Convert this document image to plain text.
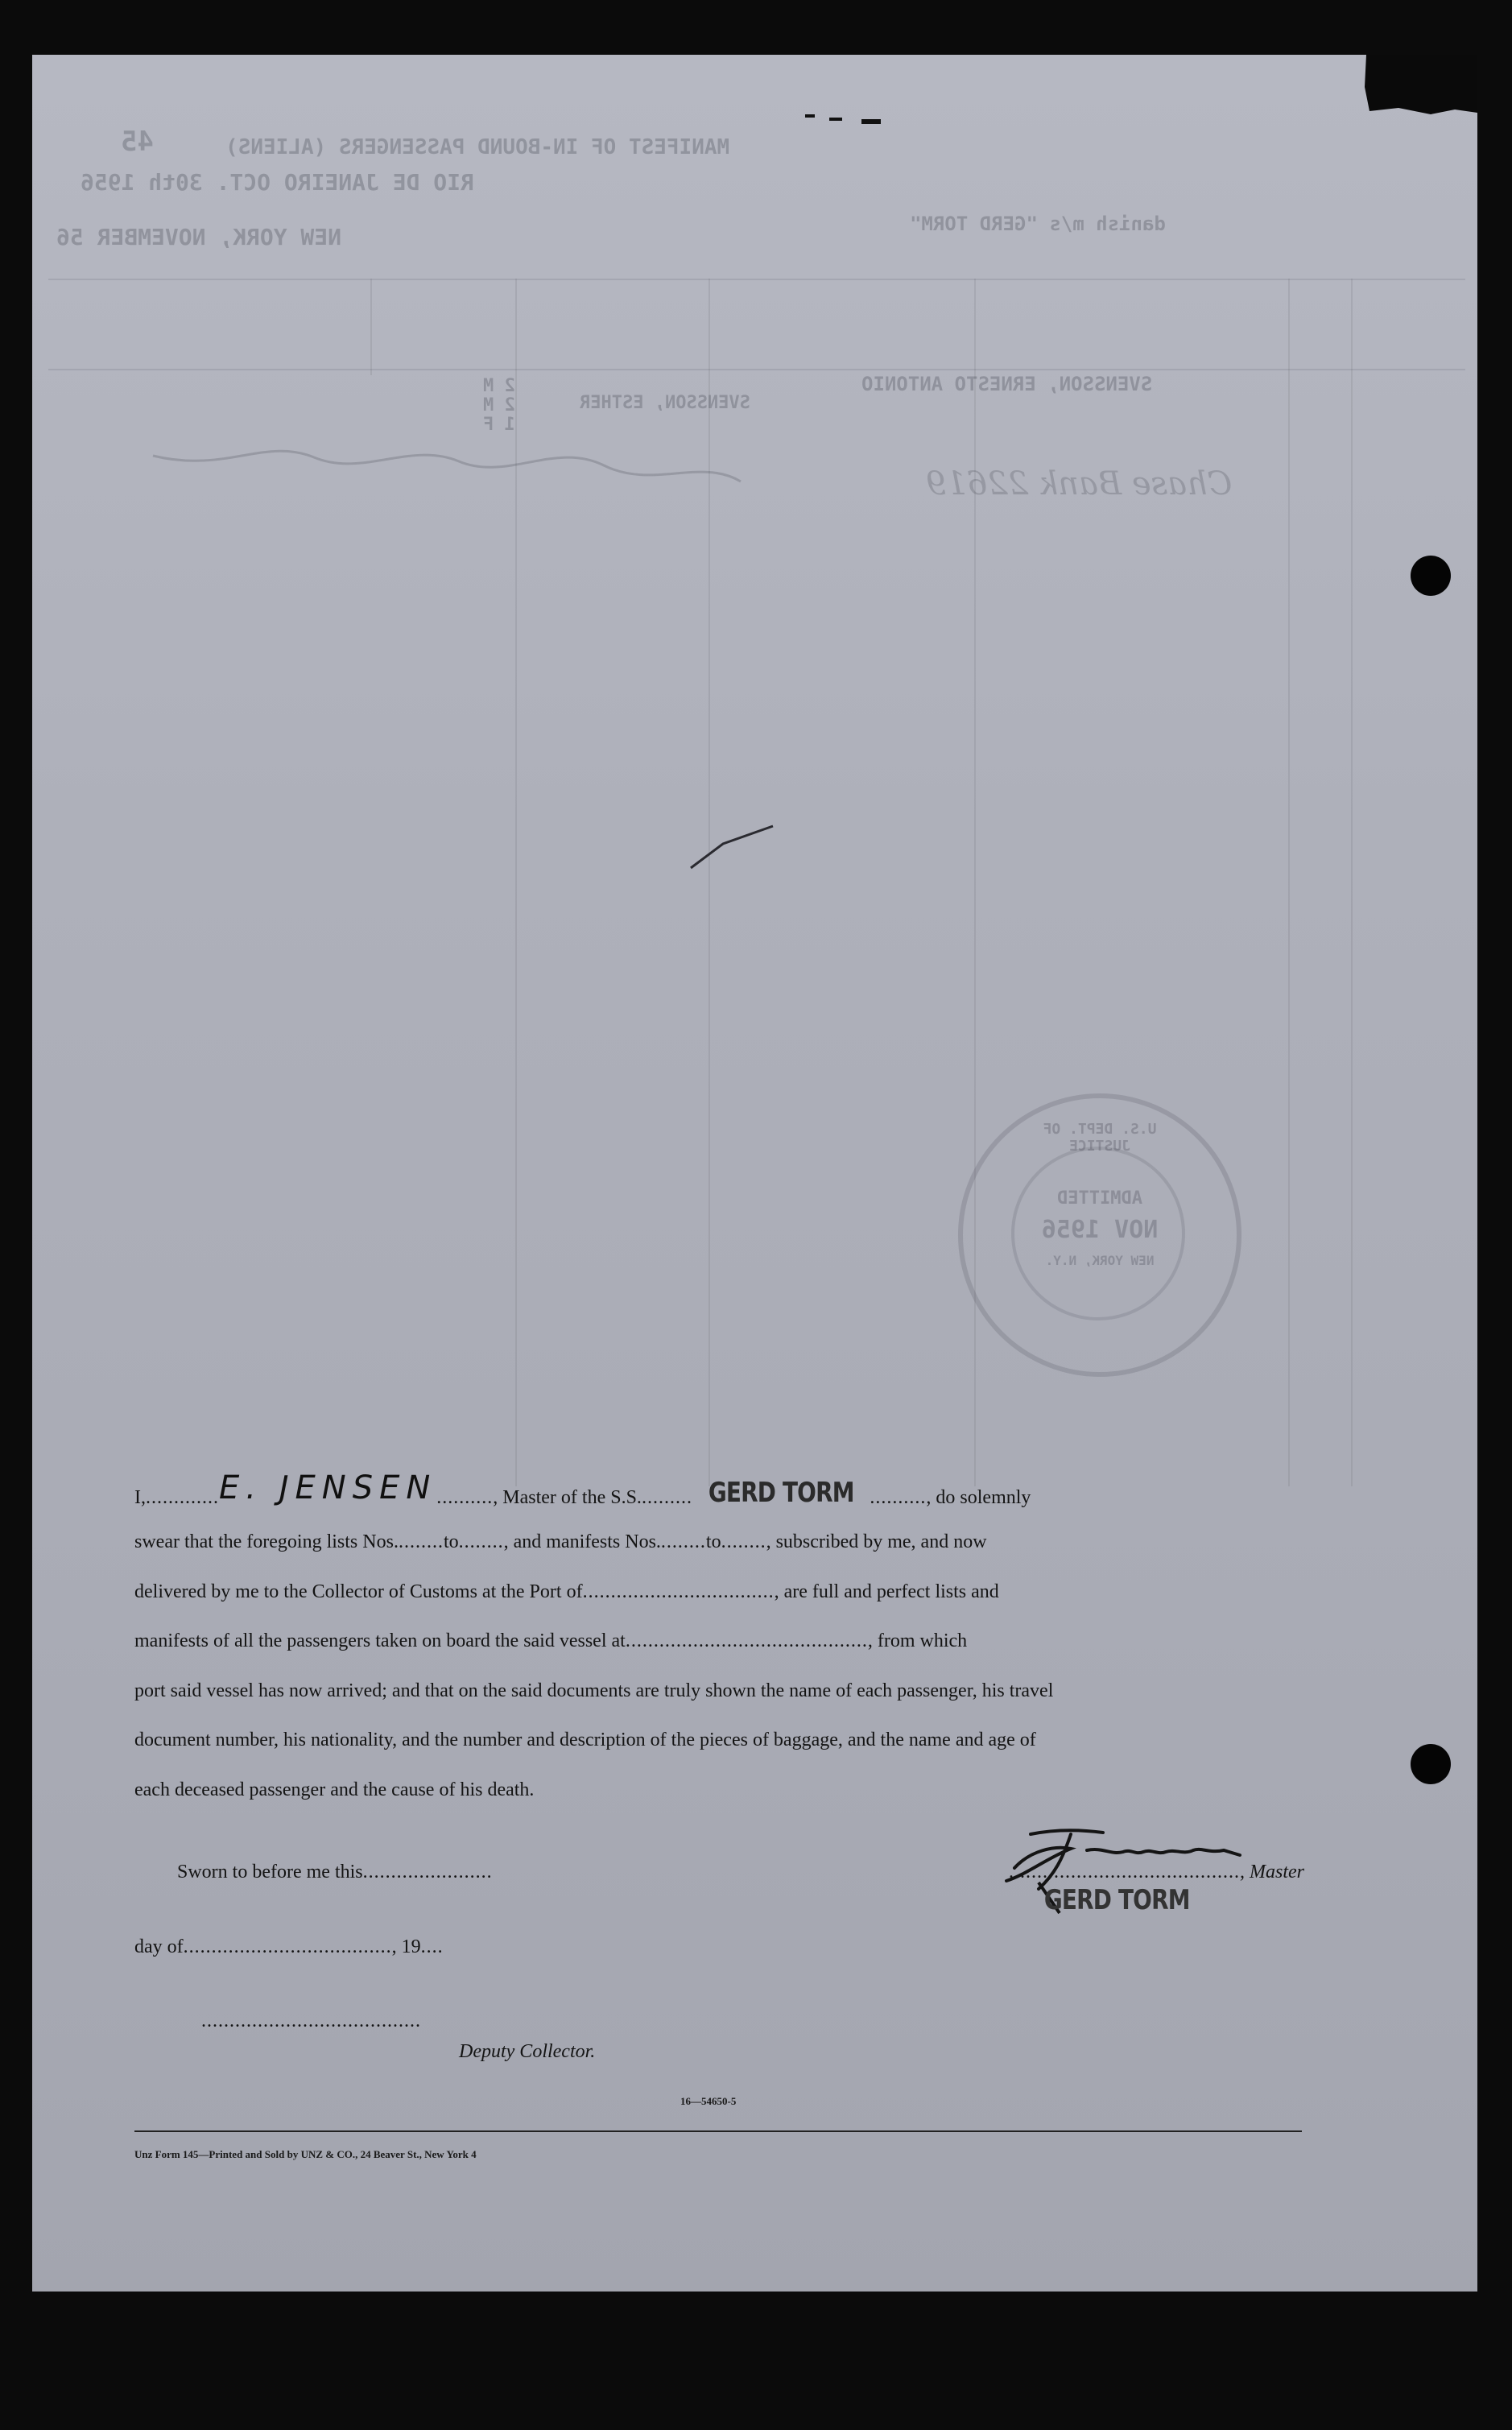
MANIFEST OF IN-BOUND PASSENGERS (ALIENS)
45
RIO DE JANEIRO OCT. 30th 1956
NEW YORK, NOVEMBER 56	danish m/s "GERD TORM"
SVENSSON, ERNESTO ANTONIO
SVENSSON, ESTHER
2 M
2 M
1 F
Chase Bank 22619
U.S. DEPT. OF JUSTICE
ADMITTED
NOV 1956
NEW YORK, N.Y.
I,.............E. JENSEN.........., Master of the S.S.......... GERD TORM .........., do solemnly
swear that the foregoing lists Nos.........to........, and manifests Nos.........to........, subscribed by me, and now
delivered by me to the Collector of Customs at the Port of.................................., are full and perfect lists and
manifests of all the passengers taken on board the said vessel at..........................................., from which
port said vessel has now arrived; and that on the said documents are truly shown the name of each passenger, his travel
document number, his nationality, and the number and description of the pieces of baggage, and the name and age of
each deceased passenger and the cause of his death.
Sworn to before me this.......................
day of....................................., 19....
.......................................
Deputy Collector.
........................................., Master
GERD TORM
16—54650-5
Unz Form 145—Printed and Sold by UNZ & CO., 24 Beaver St., New York 4
